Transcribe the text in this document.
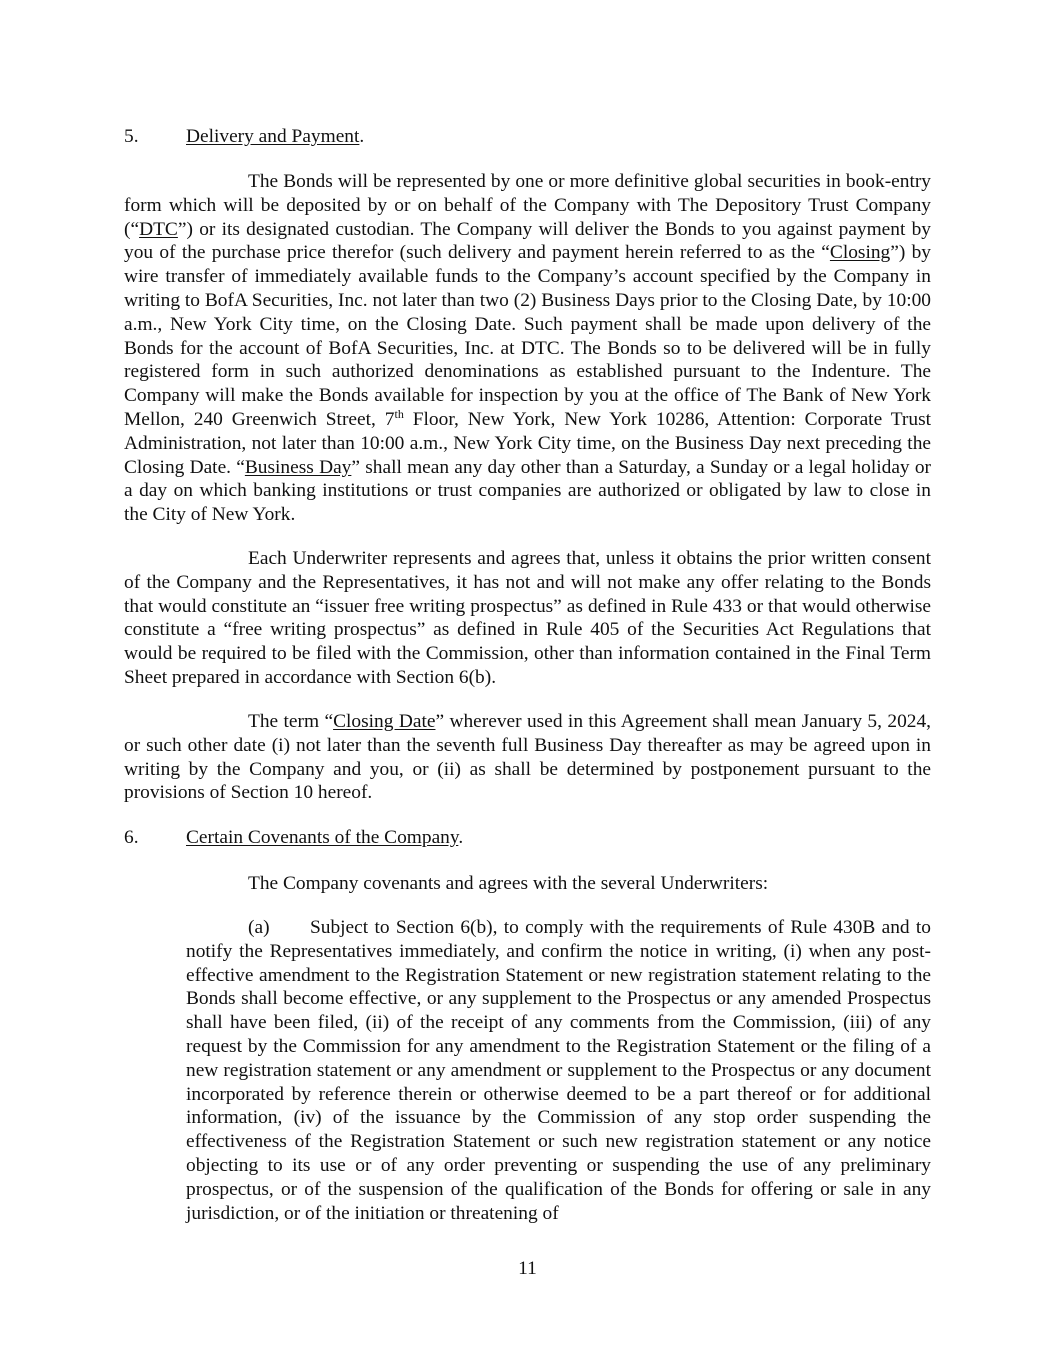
5. Delivery and Payment.
The Bonds will be represented by one or more definitive global securities in book-entry form which will be deposited by or on behalf of the Company with The Depository Trust Company (“DTC”) or its designated custodian. The Company will deliver the Bonds to you against payment by you of the purchase price therefor (such delivery and payment herein referred to as the “Closing”) by wire transfer of immediately available funds to the Company’s account specified by the Company in writing to BofA Securities, Inc. not later than two (2) Business Days prior to the Closing Date, by 10:00 a.m., New York City time, on the Closing Date. Such payment shall be made upon delivery of the Bonds for the account of BofA Securities, Inc. at DTC. The Bonds so to be delivered will be in fully registered form in such authorized denominations as established pursuant to the Indenture. The Company will make the Bonds available for inspection by you at the office of The Bank of New York Mellon, 240 Greenwich Street, 7th Floor, New York, New York 10286, Attention: Corporate Trust Administration, not later than 10:00 a.m., New York City time, on the Business Day next preceding the Closing Date. “Business Day” shall mean any day other than a Saturday, a Sunday or a legal holiday or a day on which banking institutions or trust companies are authorized or obligated by law to close in the City of New York.
Each Underwriter represents and agrees that, unless it obtains the prior written consent of the Company and the Representatives, it has not and will not make any offer relating to the Bonds that would constitute an “issuer free writing prospectus” as defined in Rule 433 or that would otherwise constitute a “free writing prospectus” as defined in Rule 405 of the Securities Act Regulations that would be required to be filed with the Commission, other than information contained in the Final Term Sheet prepared in accordance with Section 6(b).
The term “Closing Date” wherever used in this Agreement shall mean January 5, 2024, or such other date (i) not later than the seventh full Business Day thereafter as may be agreed upon in writing by the Company and you, or (ii) as shall be determined by postponement pursuant to the provisions of Section 10 hereof.
6. Certain Covenants of the Company.
The Company covenants and agrees with the several Underwriters:
(a) Subject to Section 6(b), to comply with the requirements of Rule 430B and to notify the Representatives immediately, and confirm the notice in writing, (i) when any post-effective amendment to the Registration Statement or new registration statement relating to the Bonds shall become effective, or any supplement to the Prospectus or any amended Prospectus shall have been filed, (ii) of the receipt of any comments from the Commission, (iii) of any request by the Commission for any amendment to the Registration Statement or the filing of a new registration statement or any amendment or supplement to the Prospectus or any document incorporated by reference therein or otherwise deemed to be a part thereof or for additional information, (iv) of the issuance by the Commission of any stop order suspending the effectiveness of the Registration Statement or such new registration statement or any notice objecting to its use or of any order preventing or suspending the use of any preliminary prospectus, or of the suspension of the qualification of the Bonds for offering or sale in any jurisdiction, or of the initiation or threatening of
11
